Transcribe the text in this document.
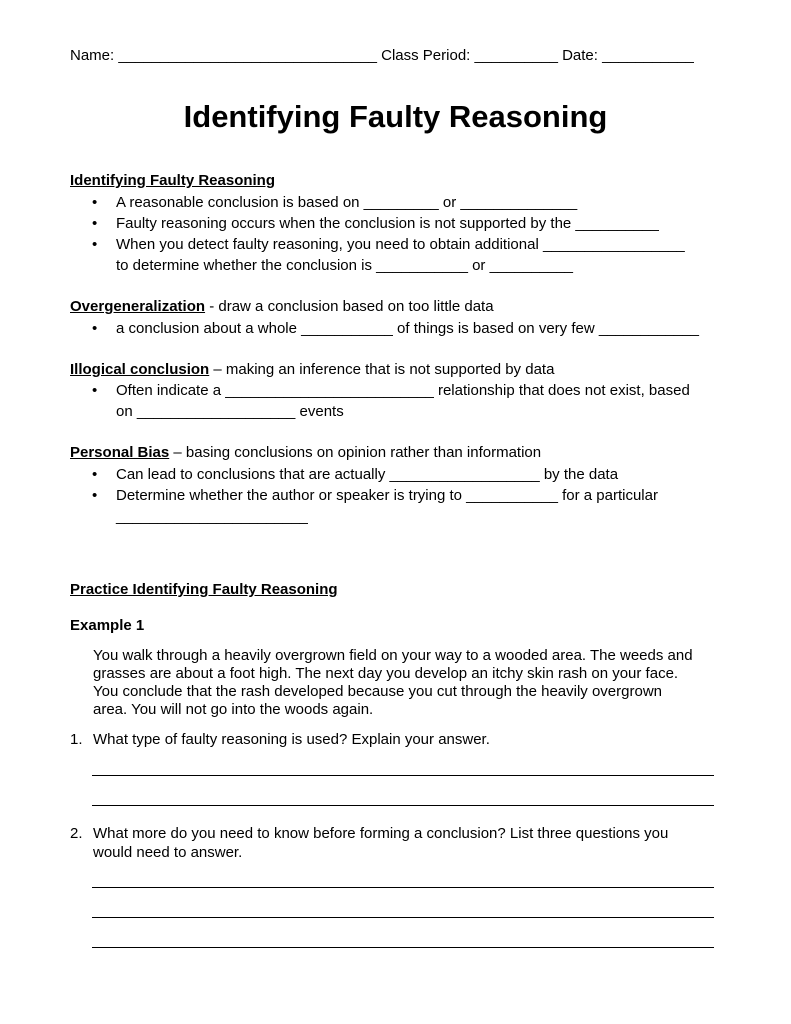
Name: _______________________________ Class Period: __________ Date: ___________
Identifying Faulty Reasoning
Identifying Faulty Reasoning
• A reasonable conclusion is based on _________ or ______________
• Faulty reasoning occurs when the conclusion is not supported by the __________
• When you detect faulty reasoning, you need to obtain additional _________________
to determine whether the conclusion is ___________ or __________
Overgeneralization - draw a conclusion based on too little data
• a conclusion about a whole ___________ of things is based on very few ____________
Illogical conclusion – making an inference that is not supported by data
• Often indicate a _________________________ relationship that does not exist, based
on ___________________ events
Personal Bias – basing conclusions on opinion rather than information
• Can lead to conclusions that are actually __________________ by the data
• Determine whether the author or speaker is trying to ___________ for a particular
_______________________
Practice Identifying Faulty Reasoning
Example 1
You walk through a heavily overgrown field on your way to a wooded area. The weeds and
grasses are about a foot high. The next day you develop an itchy skin rash on your face.
You conclude that the rash developed because you cut through the heavily overgrown
area. You will not go into the woods again.
1. What type of faulty reasoning is used? Explain your answer.
2. What more do you need to know before forming a conclusion? List three questions you
would need to answer.
